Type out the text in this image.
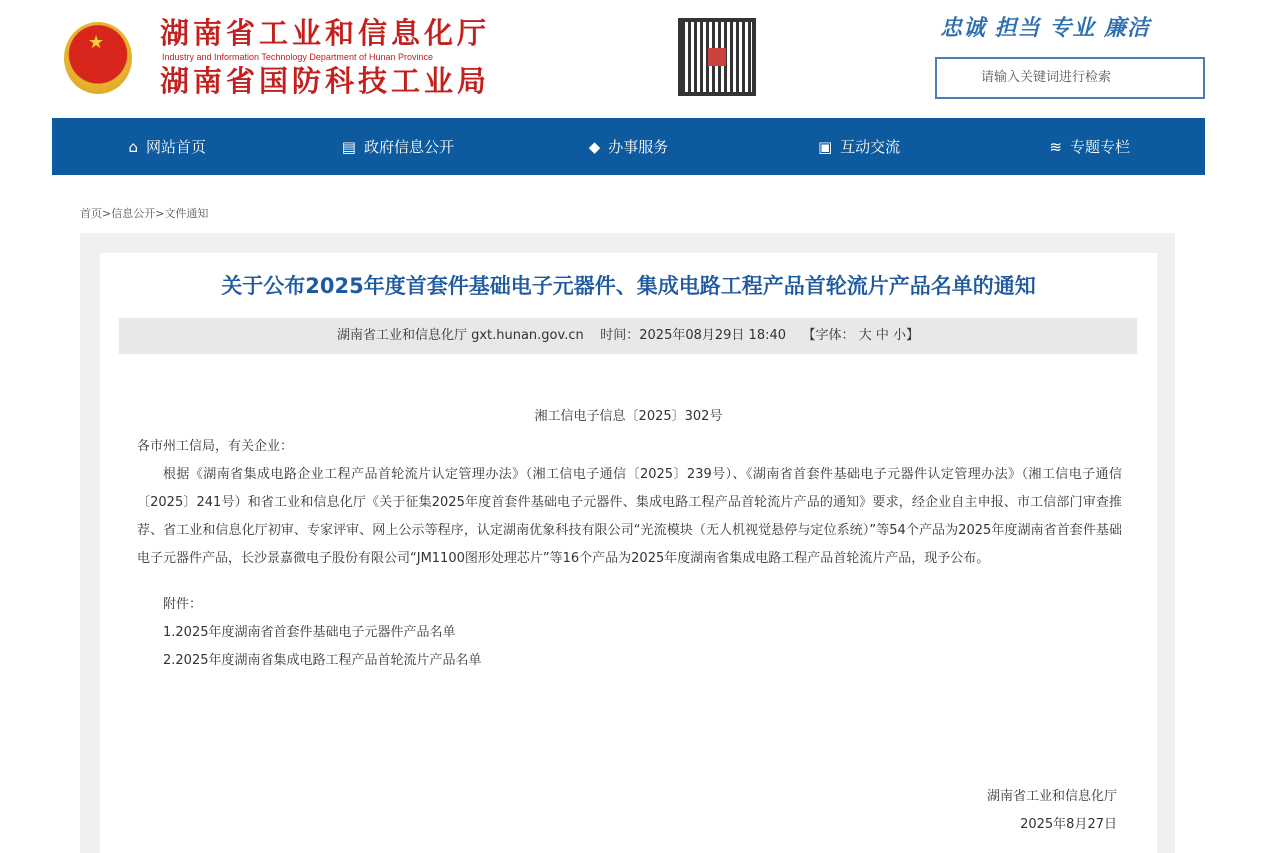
★ 湖南省工业和信息化厅
Industry and Information Technology Department of Hunan Province
湖南省国防科技工业局
忠诚 担当 专业 廉洁
请输入关键词进行检索
⌂ 网站首页	▤ 政府信息公开	◆ 办事服务	▣ 互动交流	≋ 专题专栏
首页>信息公开>文件通知
关于公布2025年度首套件基础电子元器件、集成电路工程产品首轮流片产品名单的通知
湖南省工业和信息化厅 gxt.hunan.gov.cn 时间：2025年08月29日 18:40 【字体： 大 中 小】
湘工信电子信息〔2025〕302号

各市州工信局，有关企业：

根据《湖南省集成电路企业工程产品首轮流片认定管理办法》（湘工信电子通信〔2025〕239号）、《湖南省首套件基础电子元器件认定管理办法》（湘工信电子通信〔2025〕241号）和省工业和信息化厅《关于征集2025年度首套件基础电子元器件、集成电路工程产品首轮流片产品的通知》要求，经企业自主申报、市工信部门审查推荐、省工业和信息化厅初审、专家评审、网上公示等程序，认定湖南优象科技有限公司“光流模块（无人机视觉悬停与定位系统）”等54个产品为2025年度湖南省首套件基础电子元器件产品，长沙景嘉微电子股份有限公司“JM1100图形处理芯片”等16个产品为2025年度湖南省集成电路工程产品首轮流片产品，现予公布。

附件：

1.2025年度湖南省首套件基础电子元器件产品名单

2.2025年度湖南省集成电路工程产品首轮流片产品名单

湖南省工业和信息化厅

2025年8月27日
